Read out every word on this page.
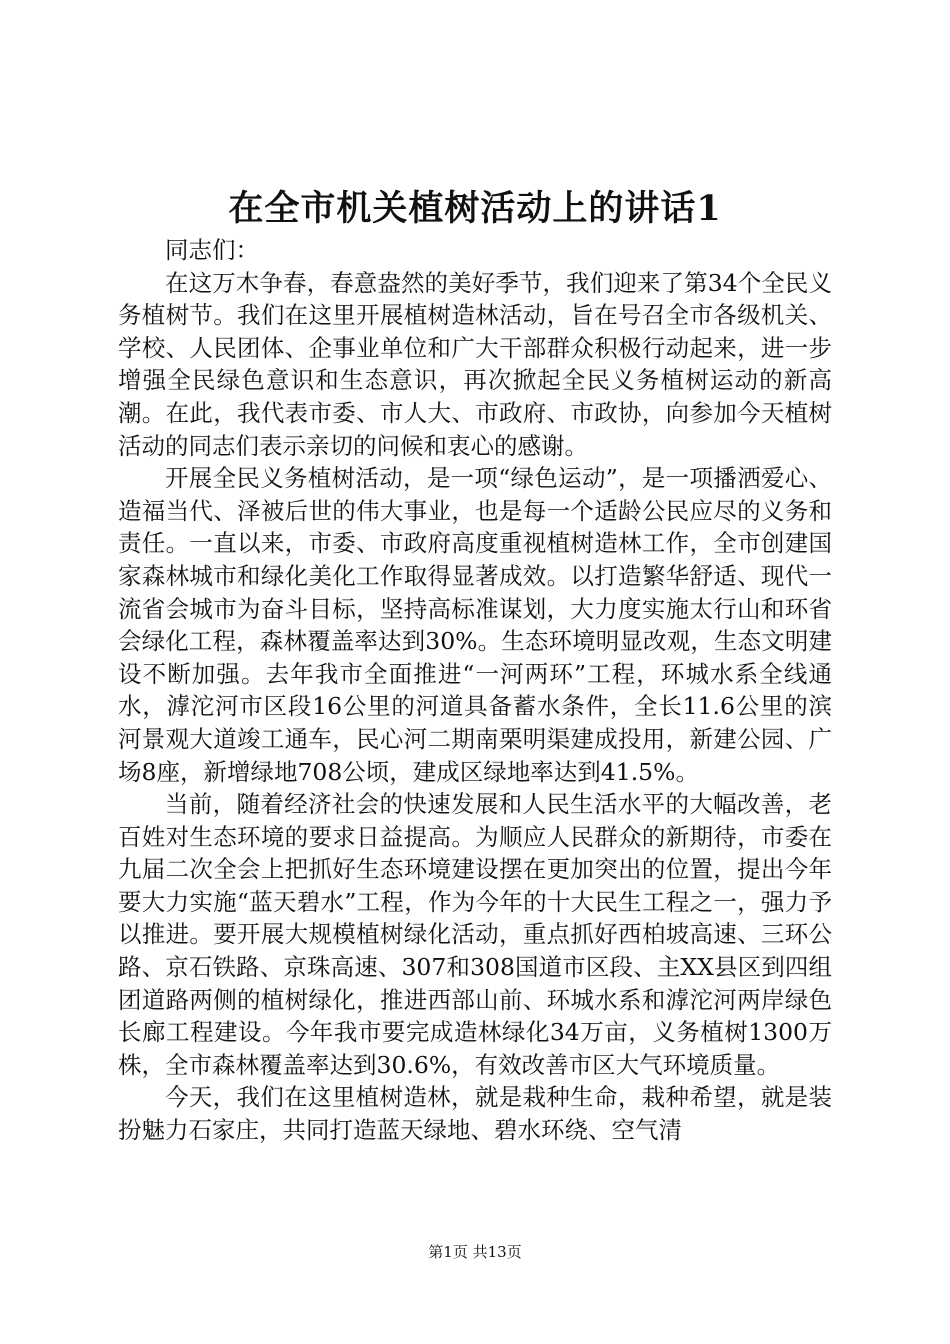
在全市机关植树活动上的讲话1

同志们：

在这万木争春，春意盎然的美好季节，我们迎来了第34个全民义务植树节。我们在这里开展植树造林活动，旨在号召全市各级机关、学校、人民团体、企事业单位和广大干部群众积极行动起来，进一步增强全民绿色意识和生态意识，再次掀起全民义务植树运动的新高潮。在此，我代表市委、市人大、市政府、市政协，向参加今天植树活动的同志们表示亲切的问候和衷心的感谢。

开展全民义务植树活动，是一项“绿色运动”，是一项播洒爱心、造福当代、泽被后世的伟大事业，也是每一个适龄公民应尽的义务和责任。一直以来，市委、市政府高度重视植树造林工作，全市创建国家森林城市和绿化美化工作取得显著成效。以打造繁华舒适、现代一流省会城市为奋斗目标，坚持高标准谋划，大力度实施太行山和环省会绿化工程，森林覆盖率达到30%。生态环境明显改观，生态文明建设不断加强。去年我市全面推进“一河两环”工程，环城水系全线通水，滹沱河市区段16公里的河道具备蓄水条件，全长11.6公里的滨河景观大道竣工通车，民心河二期南栗明渠建成投用，新建公园、广场8座，新增绿地708公顷，建成区绿地率达到41.5%。

当前，随着经济社会的快速发展和人民生活水平的大幅改善，老百姓对生态环境的要求日益提高。为顺应人民群众的新期待，市委在九届二次全会上把抓好生态环境建设摆在更加突出的位置，提出今年要大力实施“蓝天碧水”工程，作为今年的十大民生工程之一，强力予以推进。要开展大规模植树绿化活动，重点抓好西柏坡高速、三环公路、京石铁路、京珠高速、307和308国道市区段、主XX县区到四组团道路两侧的植树绿化，推进西部山前、环城水系和滹沱河两岸绿色长廊工程建设。今年我市要完成造林绿化34万亩，义务植树1300万株，全市森林覆盖率达到30.6%，有效改善市区大气环境质量。

今天，我们在这里植树造林，就是栽种生命，栽种希望，就是装扮魅力石家庄，共同打造蓝天绿地、碧水环绕、空气清

第1页 共13页
